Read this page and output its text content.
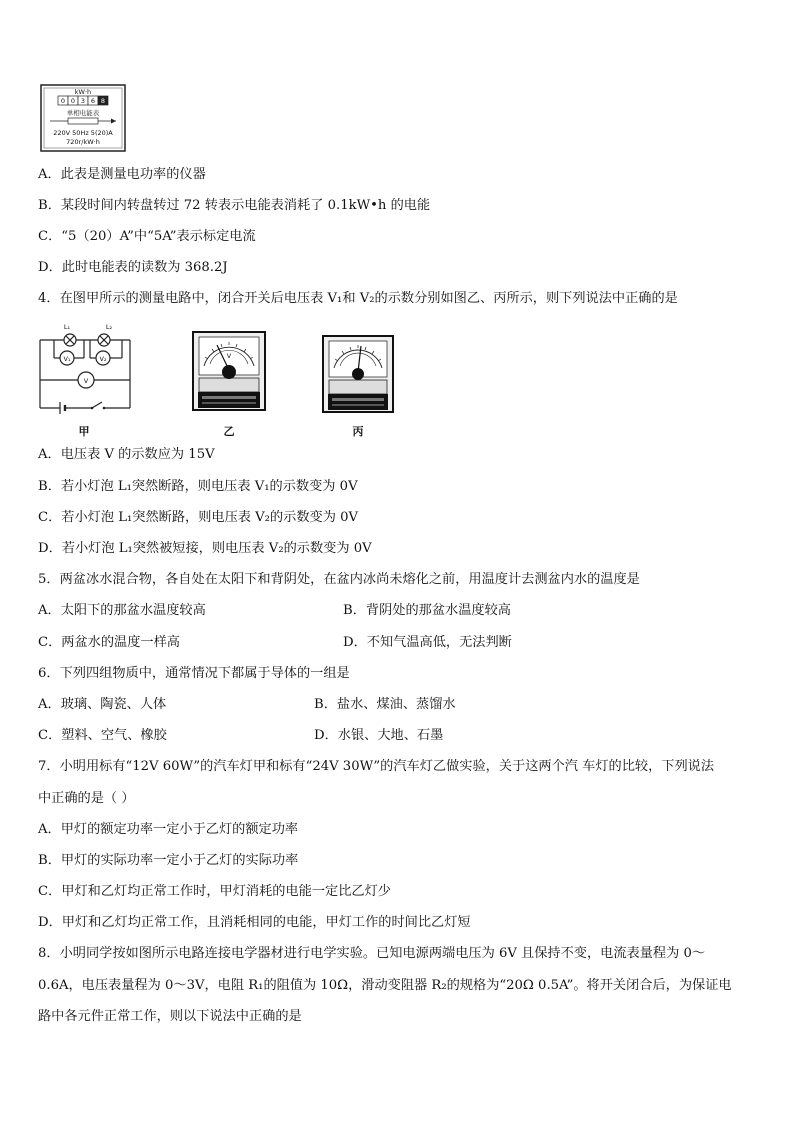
kW·h
0 0 3 6 8
单相电能表
220V 50Hz 5(20)A
720r/kW·h
A．此表是测量电功率的仪器
B．某段时间内转盘转过 72 转表示电能表消耗了 0.1kW•h 的电能
C．“5（20）A”中“5A”表示标定电流
D．此时电能表的读数为 368.2J
4．在图甲所示的测量电路中，闭合开关后电压表 V₁和 V₂的示数分别如图乙、丙所示，则下列说法中正确的是
L₁	L₂
V₁	V₂
V
甲
V
乙	丙
A．电压表 V 的示数应为 15V
B．若小灯泡 L₁突然断路，则电压表 V₁的示数变为 0V
C．若小灯泡 L₁突然断路，则电压表 V₂的示数变为 0V
D．若小灯泡 L₁突然被短接，则电压表 V₂的示数变为 0V
5．两盆冰水混合物，各自处在太阳下和背阴处，在盆内冰尚未熔化之前，用温度计去测盆内水的温度是
A．太阳下的那盆水温度较高	B．背阴处的那盆水温度较高
C．两盆水的温度一样高	D．不知气温高低，无法判断
6．下列四组物质中，通常情况下都属于导体的一组是
A．玻璃、陶瓷、人体	B．盐水、煤油、蒸馏水
C．塑料、空气、橡胶	D．水银、大地、石墨
7．小明用标有“12V 60W”的汽车灯甲和标有“24V 30W”的汽车灯乙做实验，关于这两个汽 车灯的比较，下列说法
中正确的是（ ）
A．甲灯的额定功率一定小于乙灯的额定功率
B．甲灯的实际功率一定小于乙灯的实际功率
C．甲灯和乙灯均正常工作时，甲灯消耗的电能一定比乙灯少
D．甲灯和乙灯均正常工作，且消耗相同的电能，甲灯工作的时间比乙灯短
8．小明同学按如图所示电路连接电学器材进行电学实验。已知电源两端电压为 6V 且保持不变，电流表量程为 0～
0.6A，电压表量程为 0～3V，电阻 R₁的阻值为 10Ω，滑动变阻器 R₂的规格为“20Ω 0.5A”。将开关闭合后，为保证电
路中各元件正常工作，则以下说法中正确的是
